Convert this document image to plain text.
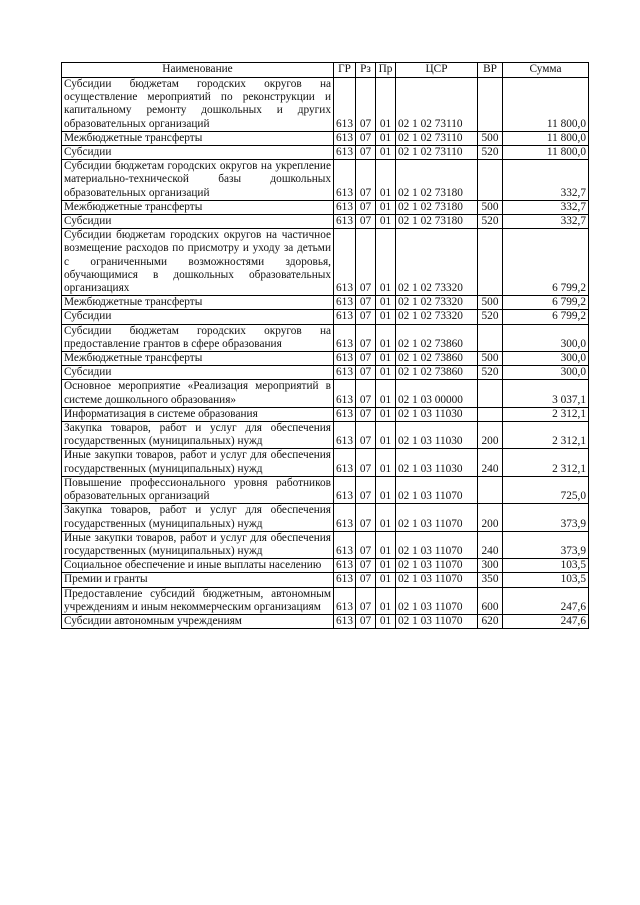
Наименование	ГР	Рз	Пр	ЦСР	ВР	Сумма
Субсидии бюджетам городских округов на осуществление мероприятий по реконструкции и капитальному ремонту дошкольных и других образовательных организаций	613	07	01	02 1 02 73110		11 800,0
Межбюджетные трансферты	613	07	01	02 1 02 73110	500	11 800,0
Субсидии	613	07	01	02 1 02 73110	520	11 800,0
Субсидии бюджетам городских округов на укрепление материально-технической базы дошкольных образовательных организаций	613	07	01	02 1 02 73180		332,7
Межбюджетные трансферты	613	07	01	02 1 02 73180	500	332,7
Субсидии	613	07	01	02 1 02 73180	520	332,7
Субсидии бюджетам городских округов на частичное возмещение расходов по присмотру и уходу за детьми с ограниченными возможностями здоровья, обучающимися в дошкольных образовательных организациях	613	07	01	02 1 02 73320		6 799,2
Межбюджетные трансферты	613	07	01	02 1 02 73320	500	6 799,2
Субсидии	613	07	01	02 1 02 73320	520	6 799,2
Субсидии бюджетам городских округов на предоставление грантов в сфере образования	613	07	01	02 1 02 73860		300,0
Межбюджетные трансферты	613	07	01	02 1 02 73860	500	300,0
Субсидии	613	07	01	02 1 02 73860	520	300,0
Основное мероприятие «Реализация мероприятий в системе дошкольного образования»	613	07	01	02 1 03 00000		3 037,1
Информатизация в системе образования	613	07	01	02 1 03 11030		2 312,1
Закупка товаров, работ и услуг для обеспечения государственных (муниципальных) нужд	613	07	01	02 1 03 11030	200	2 312,1
Иные закупки товаров, работ и услуг для обеспечения государственных (муниципальных) нужд	613	07	01	02 1 03 11030	240	2 312,1
Повышение профессионального уровня работников образовательных организаций	613	07	01	02 1 03 11070		725,0
Закупка товаров, работ и услуг для обеспечения государственных (муниципальных) нужд	613	07	01	02 1 03 11070	200	373,9
Иные закупки товаров, работ и услуг для обеспечения государственных (муниципальных) нужд	613	07	01	02 1 03 11070	240	373,9
Социальное обеспечение и иные выплаты населению	613	07	01	02 1 03 11070	300	103,5
Премии и гранты	613	07	01	02 1 03 11070	350	103,5
Предоставление субсидий бюджетным, автономным учреждениям и иным некоммерческим организациям	613	07	01	02 1 03 11070	600	247,6
Субсидии автономным учреждениям	613	07	01	02 1 03 11070	620	247,6
